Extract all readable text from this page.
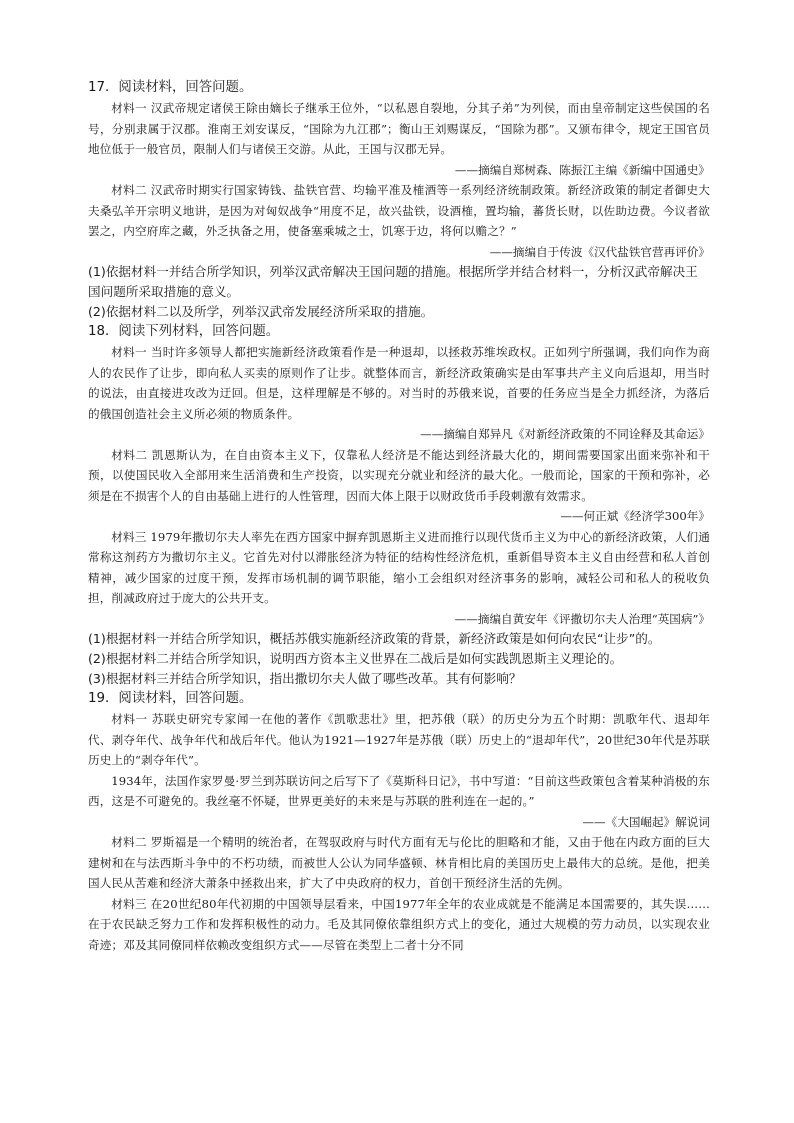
17．阅读材料，回答问题。

材料一 汉武帝规定诸侯王除由嫡长子继承王位外，“以私恩自裂地，分其子弟”为列侯，而由皇帝制定这些侯国的名号，分别隶属于汉郡。淮南王刘安谋反，“国除为九江郡”；衡山王刘赐谋反，“国除为郡”。又颁布律令，规定王国官员地位低于一般官员，限制人们与诸侯王交游。从此，王国与汉郡无异。

——摘编自郑树森、陈振江主编《新编中国通史》

材料二 汉武帝时期实行国家铸钱、盐铁官营、均输平准及榷酒等一系列经济统制政策。新经济政策的制定者御史大夫桑弘羊开宗明义地讲，是因为对匈奴战争“用度不足，故兴盐铁，设酒榷，置均输，蕃货长财，以佐助边费。今议者欲罢之，内空府库之藏，外乏执备之用，使备塞乘城之士，饥寒于边，将何以赡之？”

——摘编自于传波《汉代盐铁官营再评价》

(1)依据材料一并结合所学知识，列举汉武帝解决王国问题的措施。根据所学并结合材料一，分析汉武帝解决王国问题所采取措施的意义。

(2)依据材料二以及所学，列举汉武帝发展经济所采取的措施。

18．阅读下列材料，回答问题。

材料一 当时许多领导人都把实施新经济政策看作是一种退却，以拯救苏维埃政权。正如列宁所强调，我们向作为商人的农民作了让步，即向私人买卖的原则作了让步。就整体而言，新经济政策确实是由军事共产主义向后退却，用当时的说法，由直接进攻改为迂回。但是，这样理解是不够的。对当时的苏俄来说，首要的任务应当是全力抓经济，为落后的俄国创造社会主义所必须的物质条件。

——摘编自郑异凡《对新经济政策的不同诠释及其命运》

材料二 凯恩斯认为，在自由资本主义下，仅靠私人经济是不能达到经济最大化的，期间需要国家出面来弥补和干预，以使国民收入全部用来生活消费和生产投资，以实现充分就业和经济的最大化。一般而论，国家的干预和弥补，必须是在不损害个人的自由基础上进行的人性管理，因而大体上限于以财政货币手段刺激有效需求。

——何正斌《经济学300年》

材料三 1979年撒切尔夫人率先在西方国家中摒弃凯恩斯主义进而推行以现代货币主义为中心的新经济政策，人们通常称这剂药方为撒切尔主义。它首先对付以滞胀经济为特征的结构性经济危机，重新倡导资本主义自由经营和私人首创精神，减少国家的过度干预，发挥市场机制的调节职能，缩小工会组织对经济事务的影响，减轻公司和私人的税收负担，削减政府过于庞大的公共开支。

——摘编自黄安年《评撒切尔夫人治理“英国病”》

(1)根据材料一并结合所学知识，概括苏俄实施新经济政策的背景，新经济政策是如何向农民“让步”的。

(2)根据材料二并结合所学知识，说明西方资本主义世界在二战后是如何实践凯恩斯主义理论的。

(3)根据材料三并结合所学知识，指出撒切尔夫人做了哪些改革。其有何影响？

19．阅读材料，回答问题。

材料一 苏联史研究专家闻一在他的著作《凯歌悲壮》里，把苏俄（联）的历史分为五个时期：凯歌年代、退却年代、剥夺年代、战争年代和战后年代。他认为1921—1927年是苏俄（联）历史上的“退却年代”，20世纪30年代是苏联历史上的“剥夺年代”。

1934年，法国作家罗曼·罗兰到苏联访问之后写下了《莫斯科日记》，书中写道：“目前这些政策包含着某种消极的东西，这是不可避免的。我丝毫不怀疑，世界更美好的未来是与苏联的胜利连在一起的。”

——《大国崛起》解说词

材料二 罗斯福是一个精明的统治者，在驾驭政府与时代方面有无与伦比的胆略和才能，又由于他在内政方面的巨大建树和在与法西斯斗争中的不朽功绩，而被世人公认为同华盛顿、林肯相比肩的美国历史上最伟大的总统。是他，把美国人民从苦难和经济大萧条中拯救出来，扩大了中央政府的权力，首创干预经济生活的先例。

材料三 在20世纪80年代初期的中国领导层看来，中国1977年全年的农业成就是不能满足本国需要的，其失误……在于农民缺乏努力工作和发挥积极性的动力。毛及其同僚依靠组织方式上的变化，通过大规模的劳力动员，以实现农业奇迹；邓及其同僚同样依赖改变组织方式——尽管在类型上二者十分不同
